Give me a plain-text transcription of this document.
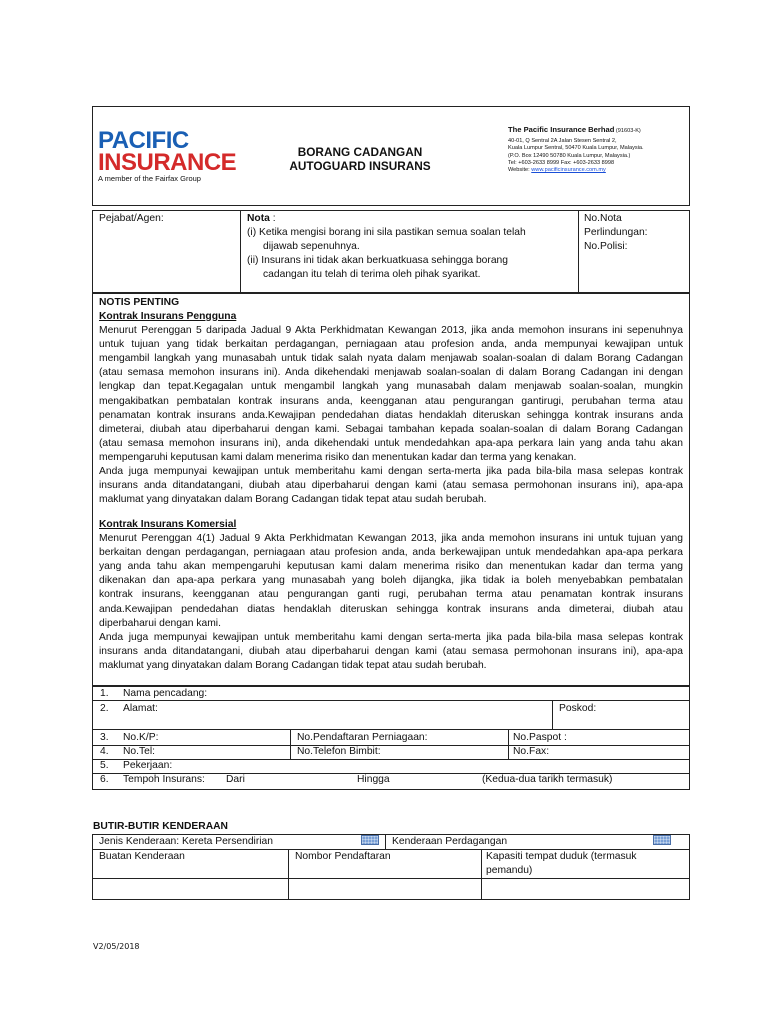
PACIFIC
INSURANCE
A member of the Fairfax Group
BORANG CADANGAN
AUTOGUARD INSURANS
The Pacific Insurance Berhad (91603-K)
40-01, Q Sentral 2A Jalan Stesen Sentral 2,
Kuala Lumpur Sentral, 50470 Kuala Lumpur, Malaysia.
(P.O. Box 12490 50780 Kuala Lumpur, Malaysia.)
Tel: +603-2633 8999 Fax: +603-2633 8998
Website: www.pacificinsurance.com.my
Pejabat/Agen:	Nota :
(i) Ketika mengisi borang ini sila pastikan semua soalan telah
dijawab sepenuhnya.
(ii) Insurans ini tidak akan berkuatkuasa sehingga borang
cadangan itu telah di terima oleh pihak syarikat.
No.Nota
Perlindungan:
No.Polisi:
NOTIS PENTING
Kontrak Insurans Pengguna
Menurut Perenggan 5 daripada Jadual 9 Akta Perkhidmatan Kewangan 2013, jika anda memohon insurans ini sepenuhnya
untuk tujuan yang tidak berkaitan perdagangan, perniagaan atau profesion anda, anda mempunyai kewajipan untuk
mengambil langkah yang munasabah untuk tidak salah nyata dalam menjawab soalan-soalan di dalam Borang Cadangan
(atau semasa memohon insurans ini). Anda dikehendaki menjawab soalan-soalan di dalam Borang Cadangan ini dengan
lengkap dan tepat.Kegagalan untuk mengambil langkah yang munasabah dalam menjawab soalan-soalan, mungkin
mengakibatkan pembatalan kontrak insurans anda, keengganan atau pengurangan gantirugi, perubahan terma atau
penamatan kontrak insurans anda.Kewajipan pendedahan diatas hendaklah diteruskan sehingga kontrak insurans anda
dimeterai, diubah atau diperbaharui dengan kami. Sebagai tambahan kepada soalan-soalan di dalam Borang Cadangan
(atau semasa memohon insurans ini), anda dikehendaki untuk mendedahkan apa-apa perkara lain yang anda tahu akan
mempengaruhi keputusan kami dalam menerima risiko dan menentukan kadar dan terma yang kenakan.
Anda juga mempunyai kewajipan untuk memberitahu kami dengan serta-merta jika pada bila-bila masa selepas kontrak
insurans anda ditandatangani, diubah atau diperbaharui dengan kami (atau semasa permohonan insurans ini), apa-apa
maklumat yang dinyatakan dalam Borang Cadangan tidak tepat atau sudah berubah.
Kontrak Insurans Komersial
Menurut Perenggan 4(1) Jadual 9 Akta Perkhidmatan Kewangan 2013, jika anda memohon insurans ini untuk tujuan yang
berkaitan dengan perdagangan, perniagaan atau profesion anda, anda berkewajipan untuk mendedahkan apa-apa perkara
yang anda tahu akan mempengaruhi keputusan kami dalam menerima risiko dan menentukan kadar dan terma yang
dikenakan dan apa-apa perkara yang munasabah yang boleh dijangka, jika tidak ia boleh menyebabkan pembatalan
kontrak insurans, keengganan atau pengurangan ganti rugi, perubahan terma atau penamatan kontrak insurans
anda.Kewajipan pendedahan diatas hendaklah diteruskan sehingga kontrak insurans anda dimeterai, diubah atau
diperbaharui dengan kami.
Anda juga mempunyai kewajipan untuk memberitahu kami dengan serta-merta jika pada bila-bila masa selepas kontrak
insurans anda ditandatangani, diubah atau diperbaharui dengan kami (atau semasa permohonan insurans ini), apa-apa
maklumat yang dinyatakan dalam Borang Cadangan tidak tepat atau sudah berubah.
1. Nama pencadang:
2. Alamat:	Poskod:
3. No.K/P:	No.Pendaftaran Perniagaan:	No.Paspot :
4. No.Tel:	No.Telefon Bimbit:	No.Fax:
5. Pekerjaan:
6. Tempoh Insurans: Dari	Hingga	(Kedua-dua tarikh termasuk)
BUTIR-BUTIR KENDERAAN
Jenis Kenderaan: Kereta Persendirian	Kenderaan Perdagangan
Buatan Kenderaan	Nombor Pendaftaran	Kapasiti tempat duduk (termasuk
pemandu)
V2/05/2018
